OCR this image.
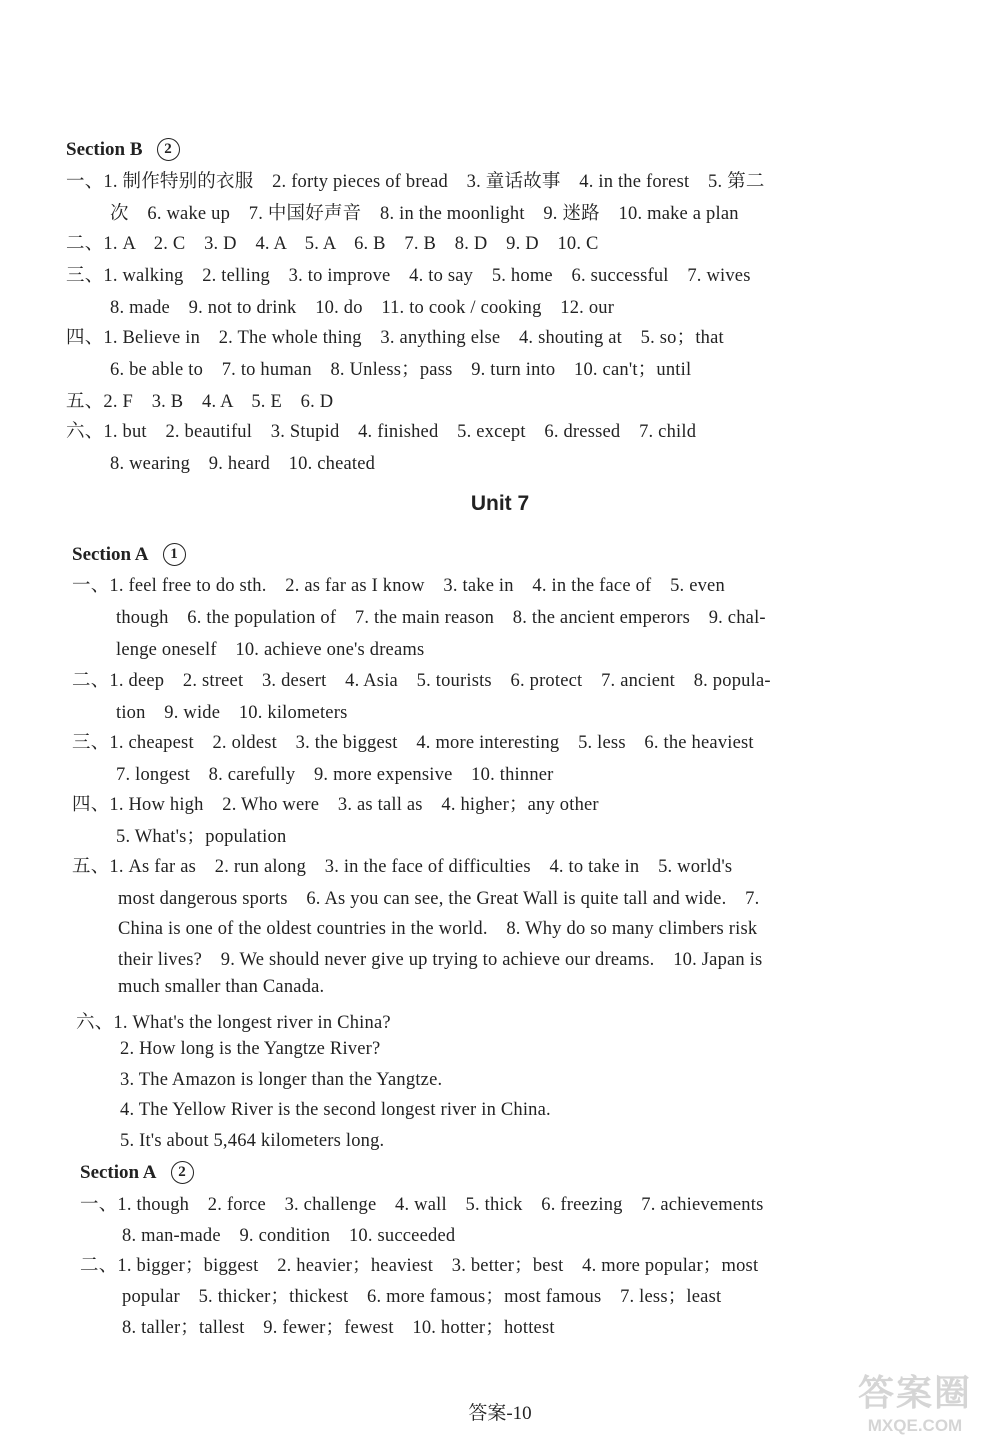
Section B	2
一、1. 制作特别的衣服　2. forty pieces of bread　3. 童话故事　4. in the forest　5. 第二
次　6. wake up　7. 中国好声音　8. in the moonlight　9. 迷路　10. make a plan
二、1. A　2. C　3. D　4. A　5. A　6. B　7. B　8. D　9. D　10. C
三、1. walking　2. telling　3. to improve　4. to say　5. home　6. successful　7. wives
8. made　9. not to drink　10. do　11. to cook / cooking　12. our
四、1. Believe in　2. The whole thing　3. anything else　4. shouting at　5. so；that
6. be able to　7. to human　8. Unless；pass　9. turn into　10. can't；until
五、2. F　3. B　4. A　5. E　6. D
六、1. but　2. beautiful　3. Stupid　4. finished　5. except　6. dressed　7. child
8. wearing　9. heard　10. cheated
Unit 7
Section A	1
一、1. feel free to do sth.　2. as far as I know　3. take in　4. in the face of　5. even
though　6. the population of　7. the main reason　8. the ancient emperors　9. chal-
lenge oneself　10. achieve one's dreams
二、1. deep　2. street　3. desert　4. Asia　5. tourists　6. protect　7. ancient　8. popula-
tion　9. wide　10. kilometers
三、1. cheapest　2. oldest　3. the biggest　4. more interesting　5. less　6. the heaviest
7. longest　8. carefully　9. more expensive　10. thinner
四、1. How high　2. Who were　3. as tall as　4. higher；any other
5. What's；population
五、1. As far as　2. run along　3. in the face of difficulties　4. to take in　5. world's
most dangerous sports　6. As you can see, the Great Wall is quite tall and wide.　7.
China is one of the oldest countries in the world.　8. Why do so many climbers risk
their lives?　9. We should never give up trying to achieve our dreams.　10. Japan is
much smaller than Canada.
六、1. What's the longest river in China?
2. How long is the Yangtze River?
3. The Amazon is longer than the Yangtze.
4. The Yellow River is the second longest river in China.
5. It's about 5,464 kilometers long.
Section A	2
一、1. though　2. force　3. challenge　4. wall　5. thick　6. freezing　7. achievements
8. man-made　9. condition　10. succeeded
二、1. bigger；biggest　2. heavier；heaviest　3. better；best　4. more popular；most
popular　5. thicker；thickest　6. more famous；most famous　7. less；least
8. taller；tallest　9. fewer；fewest　10. hotter；hottest
答案-10	答案圈
MXQE.COM
